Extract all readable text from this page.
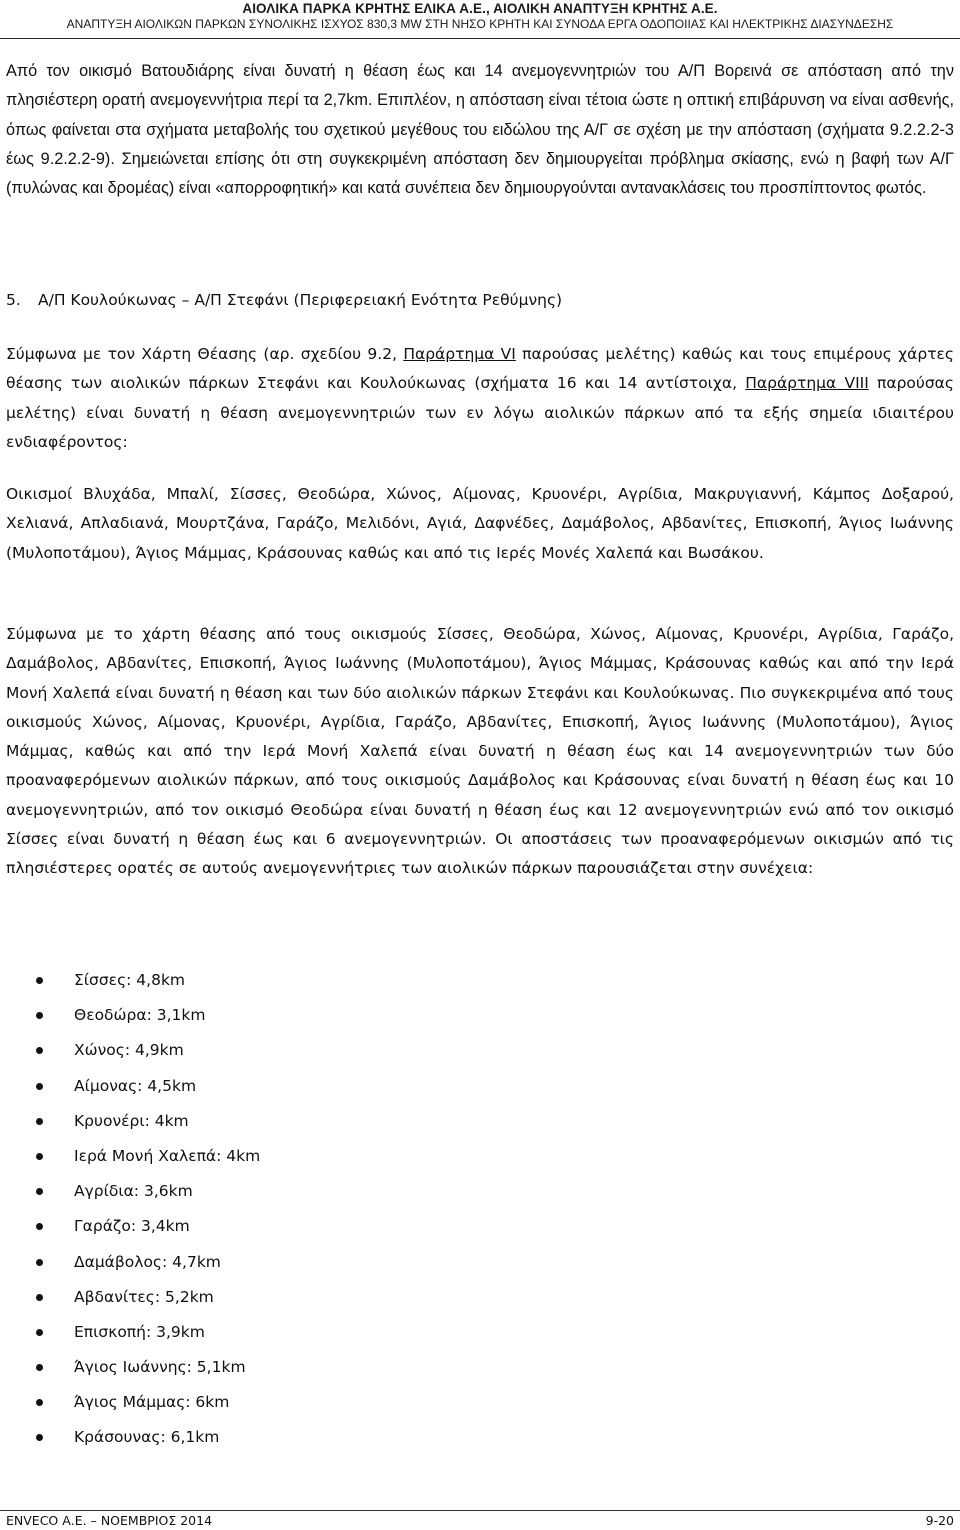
ΑΙΟΛΙΚΑ ΠΑΡΚΑ ΚΡΗΤΗΣ ΕΛΙΚΑ Α.Ε., ΑΙΟΛΙΚΗ ΑΝΑΠΤΥΞΗ ΚΡΗΤΗΣ Α.Ε.
ΑΝΑΠΤΥΞΗ ΑΙΟΛΙΚΩΝ ΠΑΡΚΩΝ ΣΥΝΟΛΙΚΗΣ ΙΣΧΥΟΣ 830,3 MW ΣΤΗ ΝΗΣΟ ΚΡΗΤΗ ΚΑΙ ΣΥΝΟΔΑ ΕΡΓΑ ΟΔΟΠΟΙΙΑΣ ΚΑΙ ΗΛΕΚΤΡΙΚΗΣ ΔΙΑΣΥΝΔΕΣΗΣ

Από τον οικισμό Βατουδιάρης είναι δυνατή η θέαση έως και 14 ανεμογεννητριών του Α/Π Βορεινά σε απόσταση από την πλησιέστερη ορατή ανεμογεννήτρια περί τα 2,7km. Επιπλέον, η απόσταση είναι τέτοια ώστε η οπτική επιβάρυνση να είναι ασθενής, όπως φαίνεται στα σχήματα μεταβολής του σχετικού μεγέθους του ειδώλου της Α/Γ σε σχέση με την απόσταση (σχήματα 9.2.2.2-3 έως 9.2.2.2-9). Σημειώνεται επίσης ότι στη συγκεκριμένη απόσταση δεν δημιουργείται πρόβλημα σκίασης, ενώ η βαφή των Α/Γ (πυλώνας και δρομέας) είναι «απορροφητική» και κατά συνέπεια δεν δημιουργούνται αντανακλάσεις του προσπίπτοντος φωτός.

5. Α/Π Κουλούκωνας – Α/Π Στεφάνι (Περιφερειακή Ενότητα Ρεθύμνης)

Σύμφωνα με τον Χάρτη Θέασης (αρ. σχεδίου 9.2, Παράρτημα VI παρούσας μελέτης) καθώς και τους επιμέρους χάρτες θέασης των αιολικών πάρκων Στεφάνι και Κουλούκωνας (σχήματα 16 και 14 αντίστοιχα, Παράρτημα VIII παρούσας μελέτης) είναι δυνατή η θέαση ανεμογεννητριών των εν λόγω αιολικών πάρκων από τα εξής σημεία ιδιαιτέρου ενδιαφέροντος:

Οικισμοί Βλυχάδα, Μπαλί, Σίσσες, Θεοδώρα, Χώνος, Αίμονας, Κρυονέρι, Αγρίδια, Μακρυγιαννή, Κάμπος Δοξαρού, Χελιανά, Απλαδιανά, Μουρτζάνα, Γαράζο, Μελιδόνι, Αγιά, Δαφνέδες, Δαμάβολος, Αβδανίτες, Επισκοπή, Άγιος Ιωάννης (Μυλοποτάμου), Άγιος Μάμμας, Κράσουνας καθώς και από τις Ιερές Μονές Χαλεπά και Βωσάκου.

Σύμφωνα με το χάρτη θέασης από τους οικισμούς Σίσσες, Θεοδώρα, Χώνος, Αίμονας, Κρυονέρι, Αγρίδια, Γαράζο, Δαμάβολος, Αβδανίτες, Επισκοπή, Άγιος Ιωάννης (Μυλοποτάμου), Άγιος Μάμμας, Κράσουνας καθώς και από την Ιερά Μονή Χαλεπά είναι δυνατή η θέαση και των δύο αιολικών πάρκων Στεφάνι και Κουλούκωνας. Πιο συγκεκριμένα από τους οικισμούς Χώνος, Αίμονας, Κρυονέρι, Αγρίδια, Γαράζο, Αβδανίτες, Επισκοπή, Άγιος Ιωάννης (Μυλοποτάμου), Άγιος Μάμμας, καθώς και από την Ιερά Μονή Χαλεπά είναι δυνατή η θέαση έως και 14 ανεμογεννητριών των δύο προαναφερόμενων αιολικών πάρκων, από τους οικισμούς Δαμάβολος και Κράσουνας είναι δυνατή η θέαση έως και 10 ανεμογεννητριών, από τον οικισμό Θεοδώρα είναι δυνατή η θέαση έως και 12 ανεμογεννητριών ενώ από τον οικισμό Σίσσες είναι δυνατή η θέαση έως και 6 ανεμογεννητριών. Οι αποστάσεις των προαναφερόμενων οικισμών από τις πλησιέστερες ορατές σε αυτούς ανεμογεννήτριες των αιολικών πάρκων παρουσιάζεται στην συνέχεια:

Σίσσες: 4,8km
Θεοδώρα: 3,1km
Χώνος: 4,9km
Αίμονας: 4,5km
Κρυονέρι: 4km
Ιερά Μονή Χαλεπά: 4km
Αγρίδια: 3,6km
Γαράζο: 3,4km
Δαμάβολος: 4,7km
Αβδανίτες: 5,2km
Επισκοπή: 3,9km
Άγιος Ιωάννης: 5,1km
Άγιος Μάμμας: 6km
Κράσουνας: 6,1km
ENVECO Α.Ε. – ΝΟΕΜΒΡΙΟΣ 2014	9-20
